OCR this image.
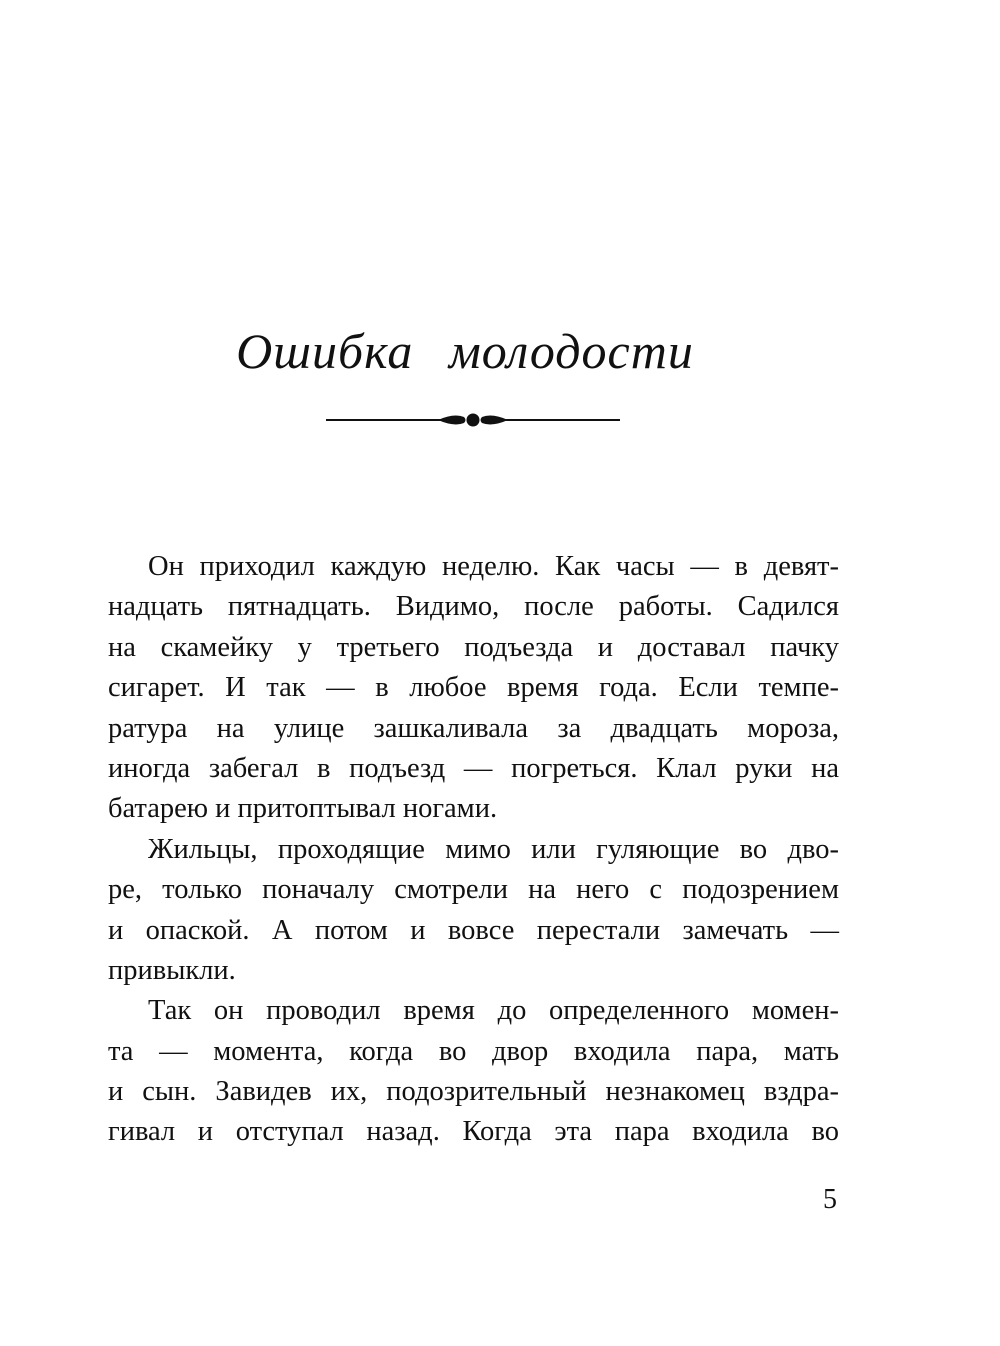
Ошибка молодости
Он приходил каждую неделю. Как часы — в девят-
надцать пятнадцать. Видимо, после работы. Садился
на скамейку у третьего подъезда и доставал пачку
сигарет. И так — в любое время года. Если темпе-
ратура на улице зашкаливала за двадцать мороза,
иногда забегал в подъезд — погреться. Клал руки на
батарею и притоптывал ногами.
Жильцы, проходящие мимо или гуляющие во дво-
ре, только поначалу смотрели на него с подозрением
и опаской. А потом и вовсе перестали замечать —
привыкли.
Так он проводил время до определенного момен-
та — момента, когда во двор входила пара, мать
и сын. Завидев их, подозрительный незнакомец вздра-
гивал и отступал назад. Когда эта пара входила во
5
